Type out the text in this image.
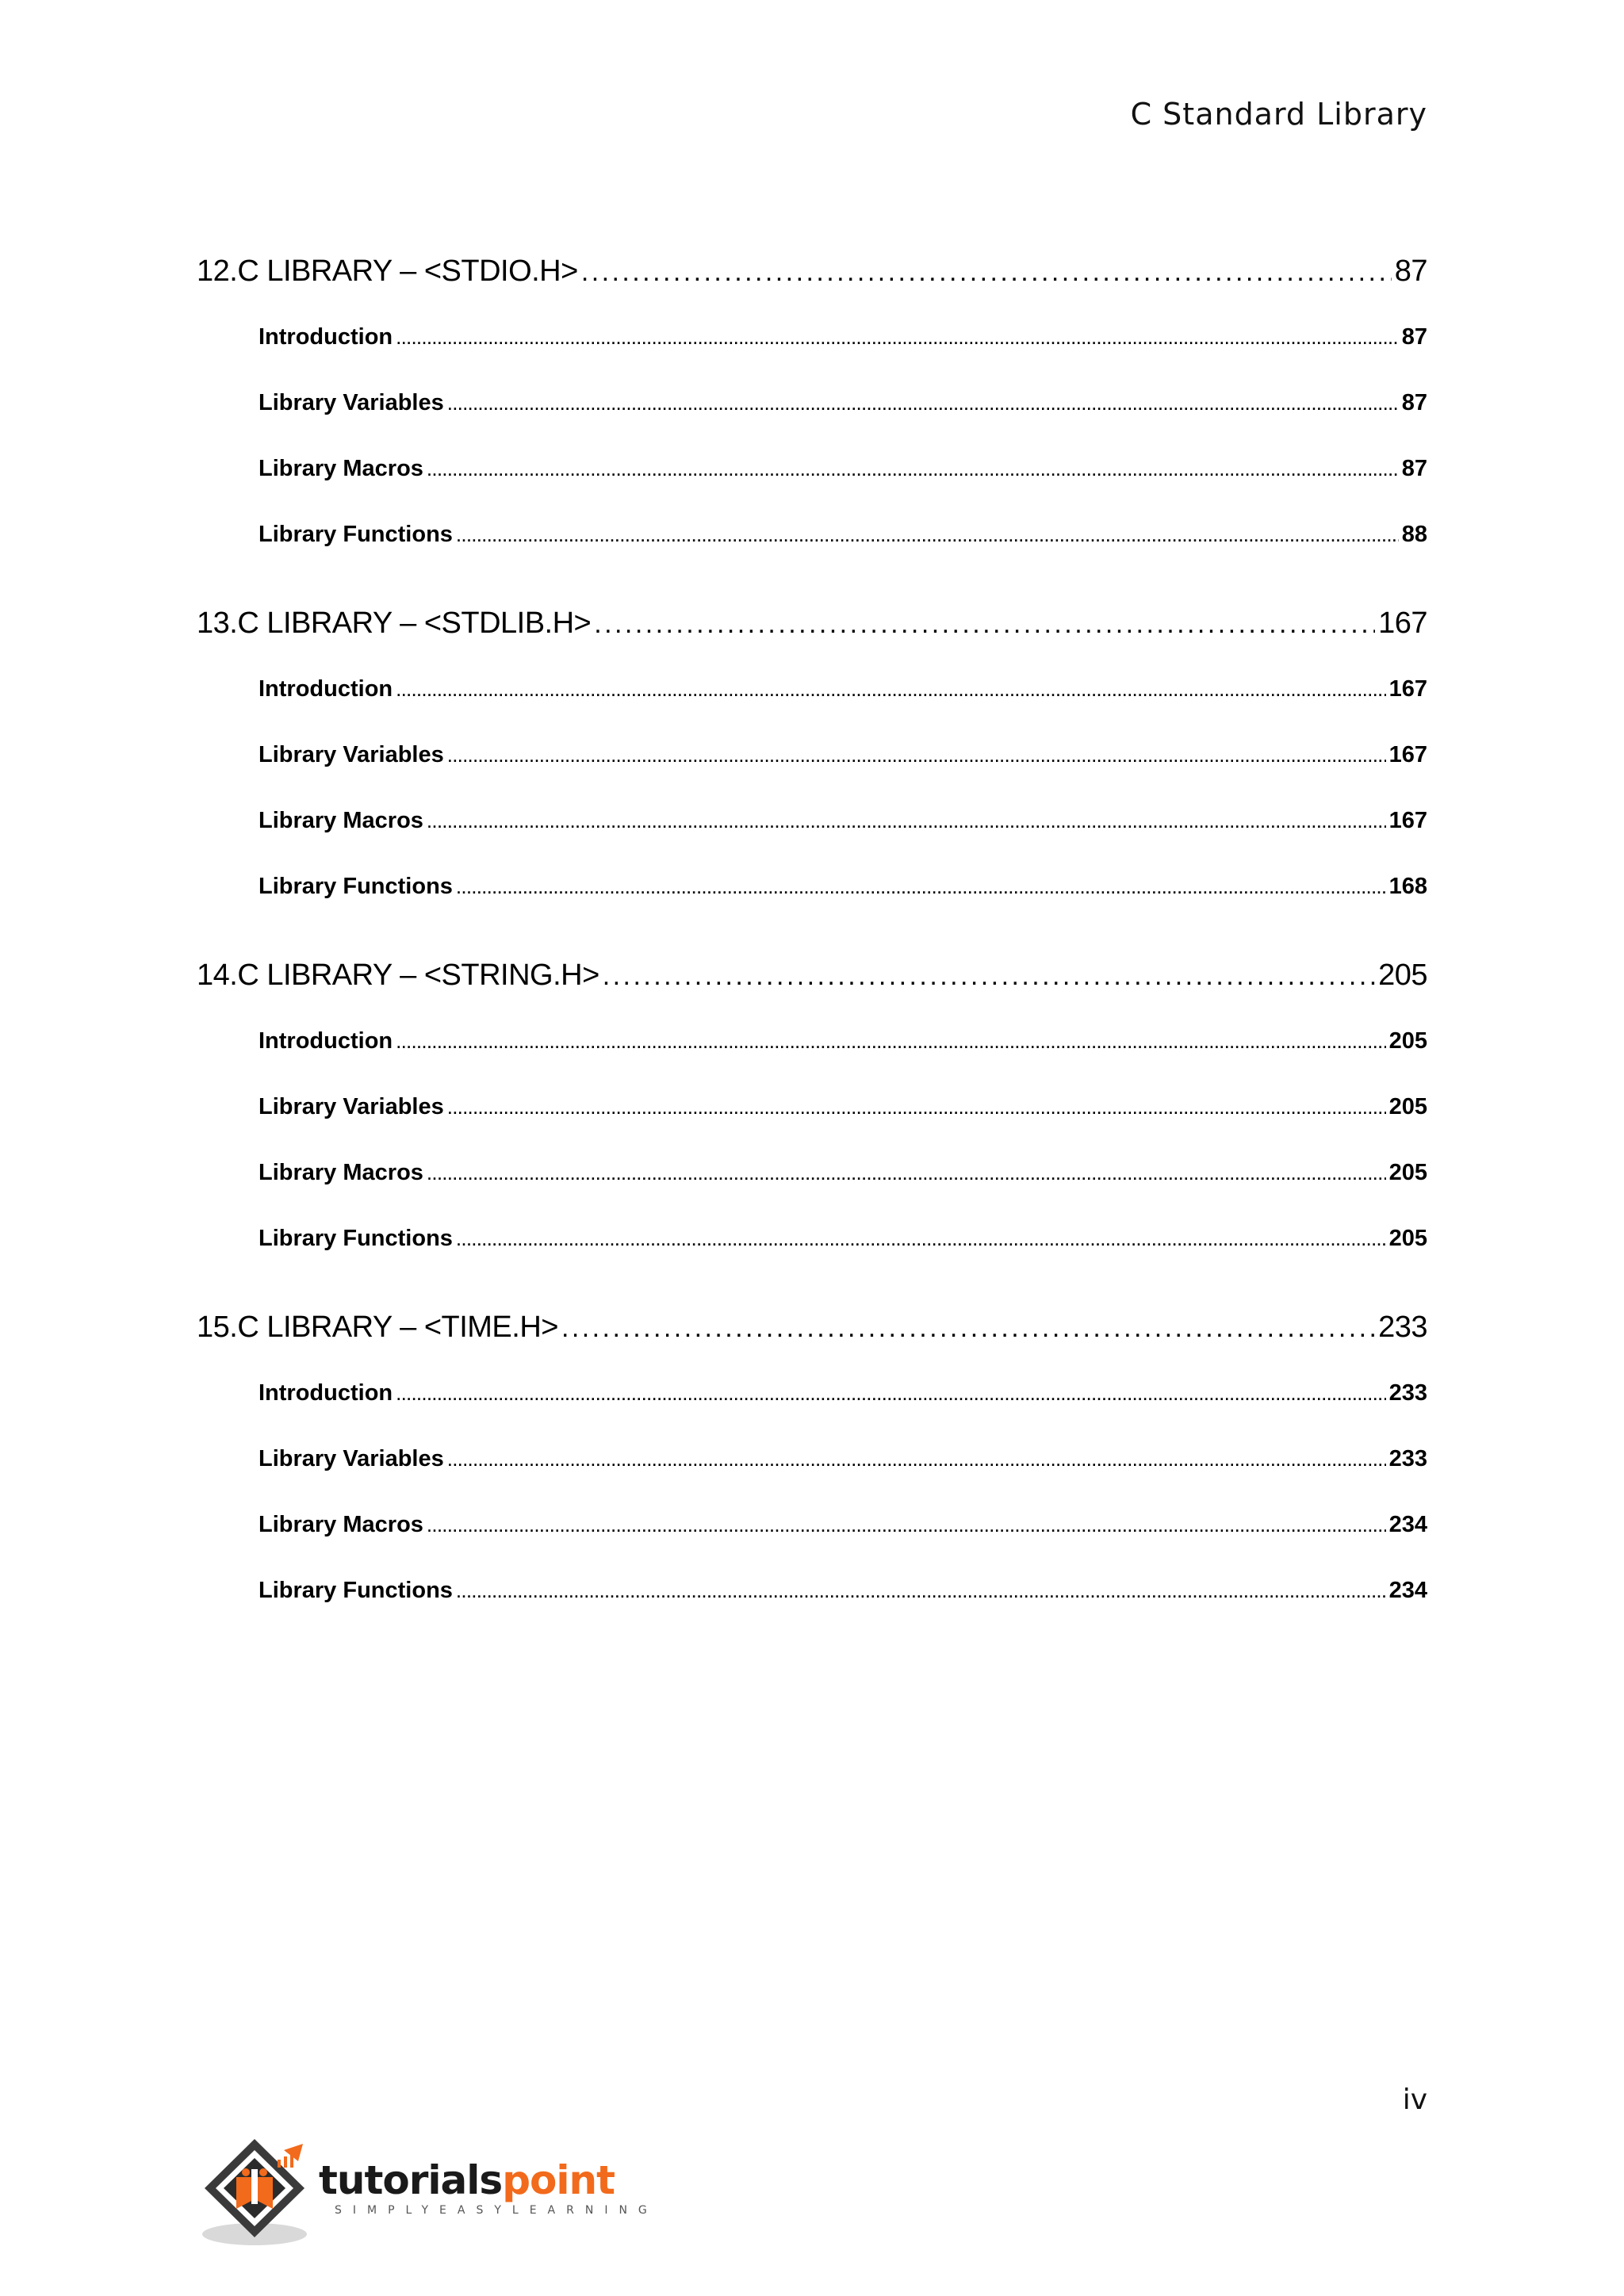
C Standard Library
12. C LIBRARY – <STDIO.H> . . .	87
Introduction . . .	87
Library Variables . . .	87
Library Macros . . .	87
Library Functions . . .	88
13. C LIBRARY – <STDLIB.H> . . .	167
Introduction . . .	167
Library Variables . . .	167
Library Macros . . .	167
Library Functions . . .	168
14. C LIBRARY – <STRING.H> . . .	205
Introduction . . .	205
Library Variables . . .	205
Library Macros . . .	205
Library Functions . . .	205
15. C LIBRARY – <TIME.H> . . .	233
Introduction . . .	233
Library Variables . . .	233
Library Macros . . .	234
Library Functions . . .	234
iv
tutorialspoint
SIMPLYEASYLEARNING
